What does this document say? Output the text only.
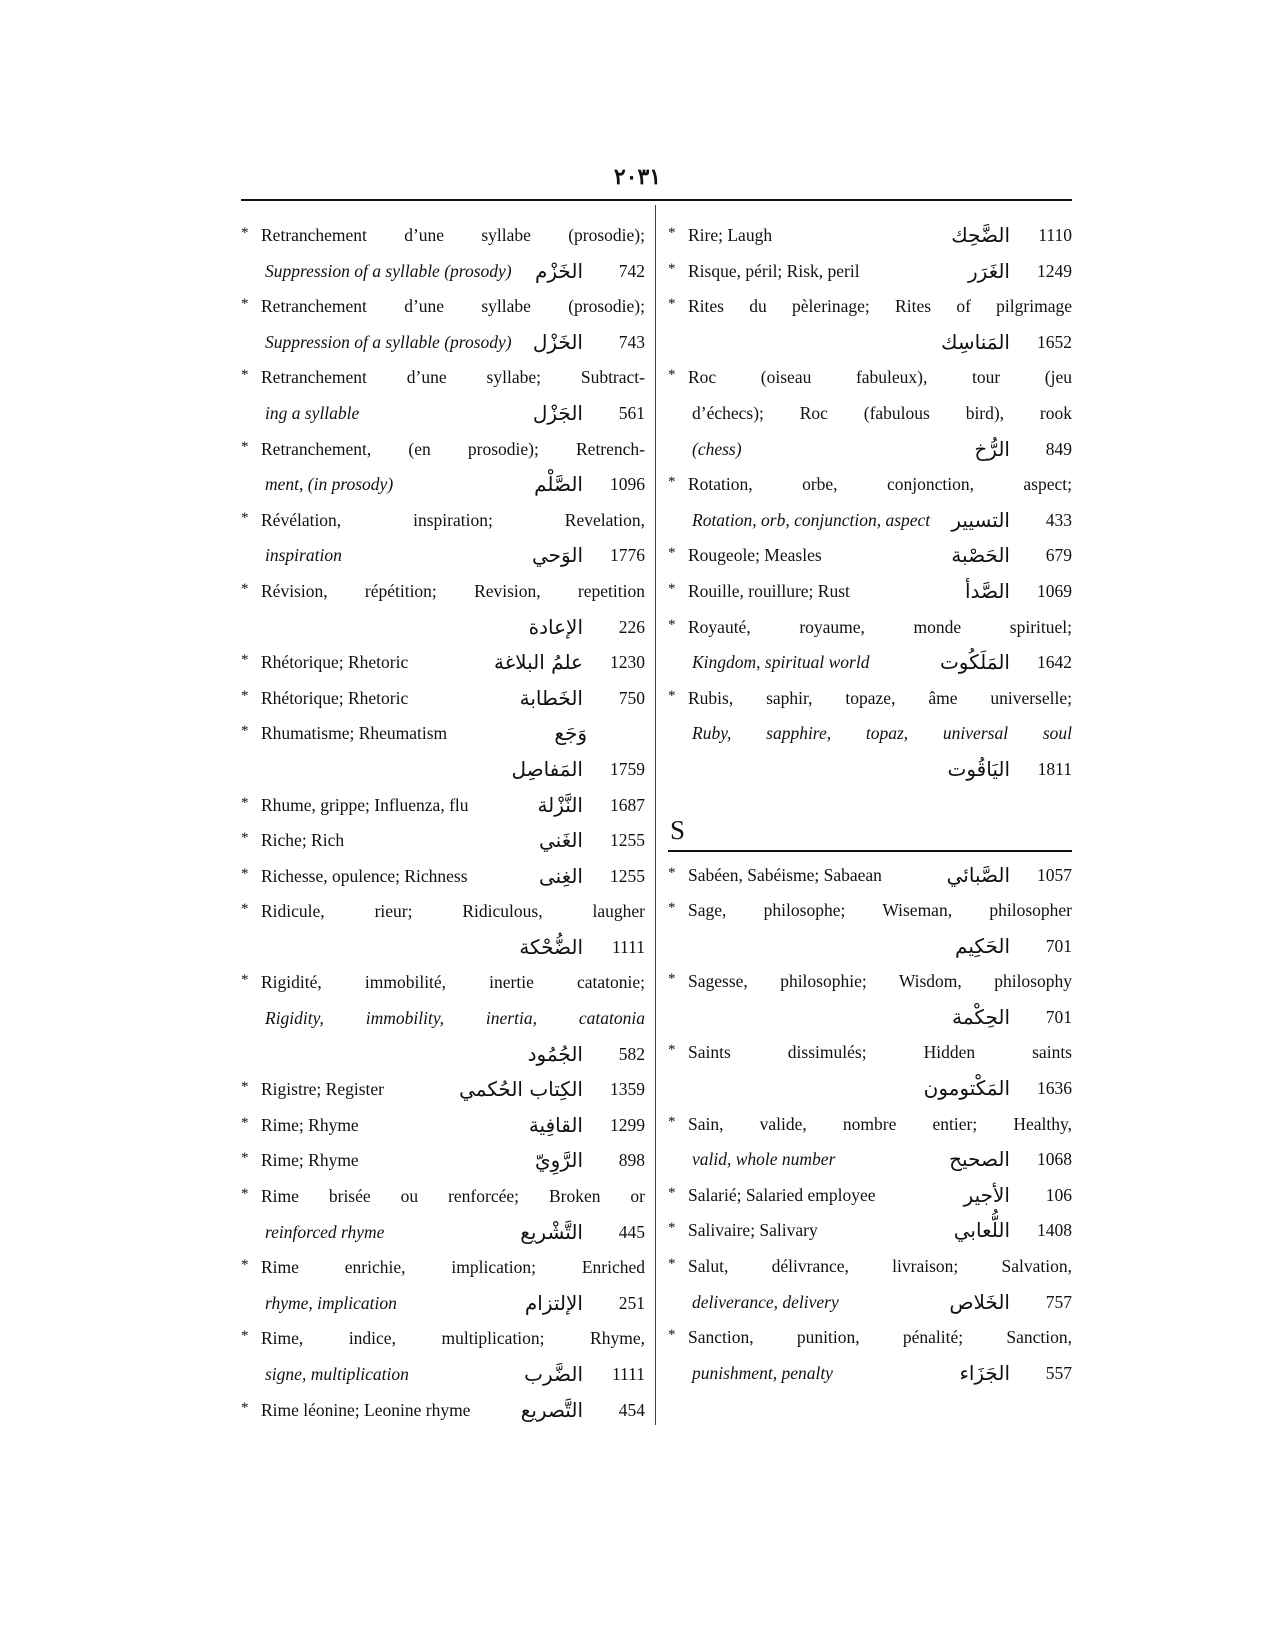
٢٠٣١
* Retranchement d’une syllabe (prosodie);
Suppression of a syllable (prosody) الخَزْم	742
* Retranchement d’une syllabe (prosodie);
Suppression of a syllable (prosody) الخَزْل	743
* Retranchement d’une syllabe; Subtract-
ing a syllable	الجَزْل	561
* Retranchement, (en prosodie); Retrench-
ment, (in prosody)	الصَّلْم	1096
* Révélation, inspiration; Revelation,
inspiration	الوَحي	1776
* Révision, répétition; Revision, repetition
الإعادة	226
* Rhétorique; Rhetoric	علمُ البلاغة	1230
* Rhétorique; Rhetoric	الخَطابة	750
* Rhumatisme; Rheumatism	وَجَع
المَفاصِل	1759
* Rhume, grippe; Influenza, flu	النَّزْلة	1687
* Riche; Rich	الغَني	1255
* Richesse, opulence; Richness	الغِنى	1255
* Ridicule, rieur; Ridiculous, laugher
الضُّحْكة	1111
* Rigidité, immobilité, inertie catatonie;
Rigidity, immobility, inertia, catatonia
الجُمُود	582
* Rigistre; Register	الكِتاب الحُكمي	1359
* Rime; Rhyme	القافِية	1299
* Rime; Rhyme	الرَّوِيّ	898
* Rime brisée ou renforcée; Broken or
reinforced rhyme	التَّشْريع	445
* Rime enrichie, implication; Enriched
rhyme, implication	الإلتزام	251
* Rime, indice, multiplication; Rhyme,
signe, multiplication	الضَّرب	1111
* Rime léonine; Leonine rhyme	التَّصريع	454
* Rire; Laugh	الضَّحِك	1110
* Risque, péril; Risk, peril	الغَرَر	1249
* Rites du pèlerinage; Rites of pilgrimage
المَناسِك	1652
* Roc (oiseau fabuleux), tour (jeu
d’échecs); Roc (fabulous bird), rook
(chess)	الرُّخ	849
* Rotation, orbe, conjonction, aspect;
Rotation, orb, conjunction, aspect التسيير	433
* Rougeole; Measles	الحَصْبة	679
* Rouille, rouillure; Rust	الصَّدأ	1069
* Royauté, royaume, monde spirituel;
Kingdom, spiritual world	المَلَكُوت	1642
* Rubis, saphir, topaze, âme universelle;
Ruby, sapphire, topaz, universal soul
اليَاقُوت	1811
S
* Sabéen, Sabéisme; Sabaean	الصَّبائي	1057
* Sage, philosophe; Wiseman, philosopher
الحَكِيم	701
* Sagesse, philosophie; Wisdom, philosophy
الحِكْمة	701
* Saints dissimulés; Hidden saints
المَكْتومون	1636
* Sain, valide, nombre entier; Healthy,
valid, whole number	الصحيح	1068
* Salarié; Salaried employee	الأجير	106
* Salivaire; Salivary	اللُّعابي	1408
* Salut, délivrance, livraison; Salvation,
deliverance, delivery	الخَلاص	757
* Sanction, punition, pénalité; Sanction,
punishment, penalty	الجَزَاء	557
